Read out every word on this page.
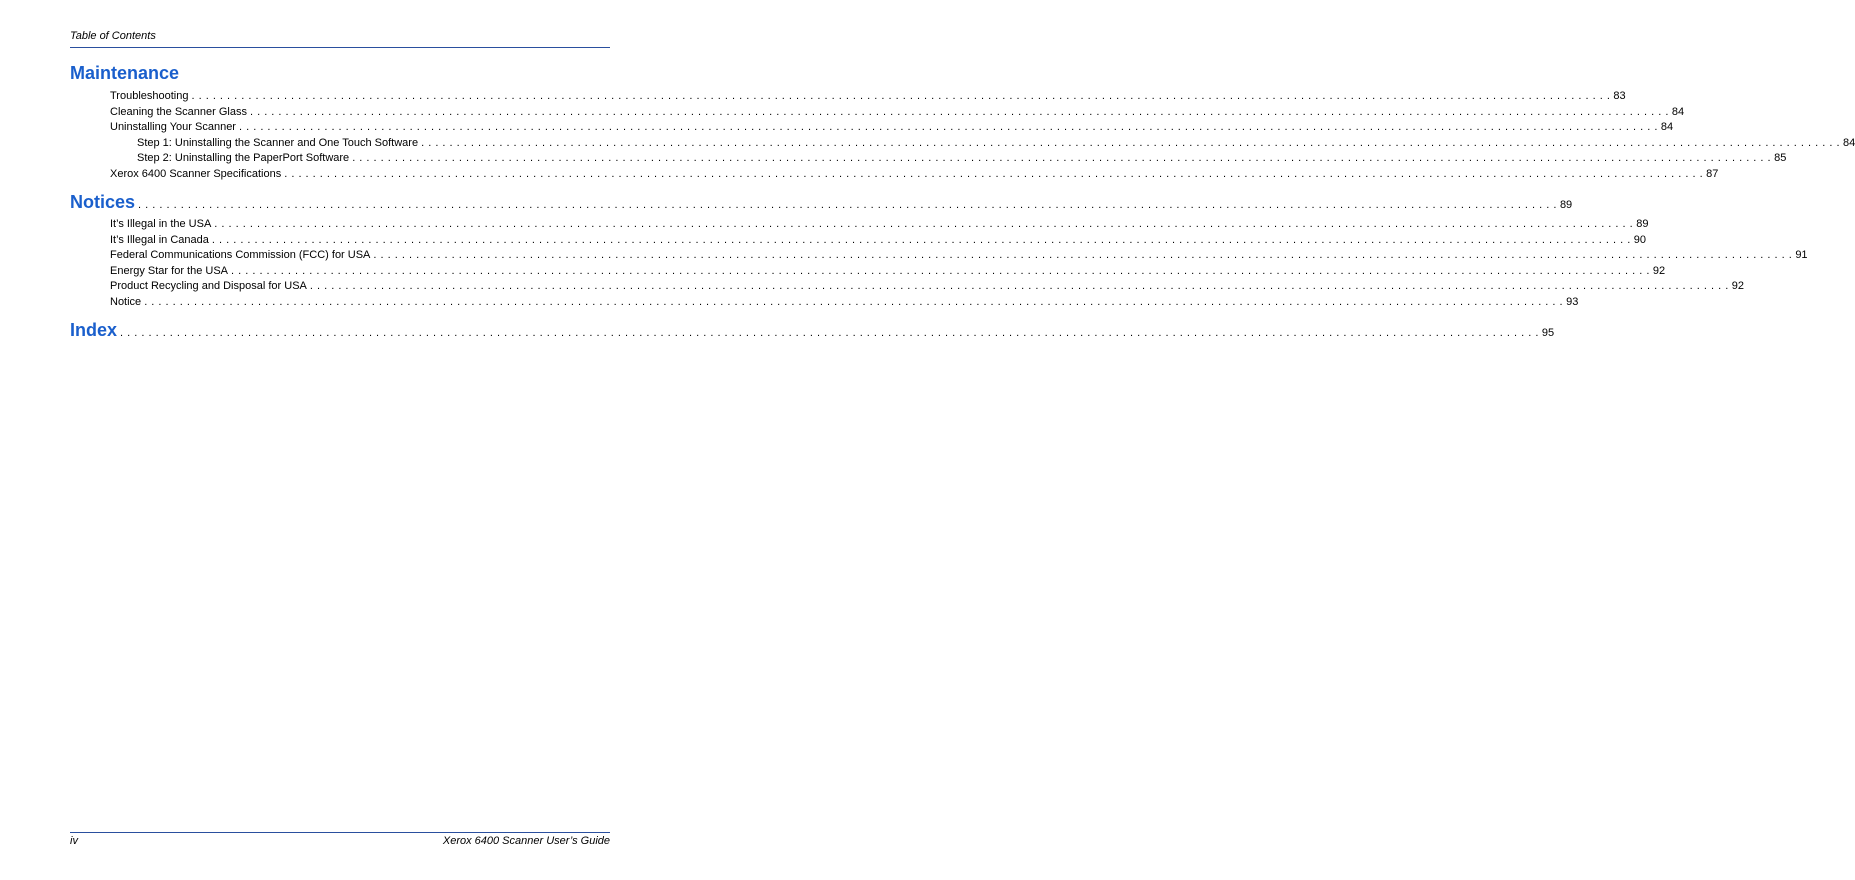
Table of Contents
Maintenance
Troubleshooting . . . . . . . . . . . . . . . . . . . . . . . . . . . . . . . . . . . . . . . . . . . . . . . . . . . . . . . . . . . . . . . . . . . . . . . . . . . . . . . . . . . . . . . . . . . . . . . . . . . . . . . . . . . . . . . . . . . . . . . . . . . . . . . . . . . . . . . . . . . . . . . . . . . . . . . . . . . . . . . . . . . . . . . . . . . . . . . . . . . . . . . . . . . . . . . . . . . . . . . . 83
Cleaning the Scanner Glass . . . . . . . . . . . . . . . . . . . . . . . . . . . . . . . . . . . . . . . . . . . . . . . . . . . . . . . . . . . . . . . . . . . . . . . . . . . . . . . . . . . . . . . . . . . . . . . . . . . . . . . . . . . . . . . . . . . . . . . . . . . . . . . . . . . . . . . . . . . . . . . . . . . . . . . . . . . . . . . . . . . . . . . . . . . . . . . . . . . . . . . . . . . . . . . . . . . . . . . . 84
Uninstalling Your Scanner . . . . . . . . . . . . . . . . . . . . . . . . . . . . . . . . . . . . . . . . . . . . . . . . . . . . . . . . . . . . . . . . . . . . . . . . . . . . . . . . . . . . . . . . . . . . . . . . . . . . . . . . . . . . . . . . . . . . . . . . . . . . . . . . . . . . . . . . . . . . . . . . . . . . . . . . . . . . . . . . . . . . . . . . . . . . . . . . . . . . . . . . . . . . . . . . . . . . . . . . 84
Step 1: Uninstalling the Scanner and One Touch Software . . . . . . . . . . . . . . . . . . . . . . . . . . . . . . . . . . . . . . . . . . . . . . . . . . . . . . . . . . . . . . . . . . . . . . . . . . . . . . . . . . . . . . . . . . . . . . . . . . . . . . . . . . . . . . . . . . . . . . . . . . . . . . . . . . . . . . . . . . . . . . . . . . . . . . . . . . . . . . . . . . . . . . . . . . . . . . . . . . . . . . . . . . . . . . . . . . . . . . . . 84
Step 2: Uninstalling the PaperPort Software . . . . . . . . . . . . . . . . . . . . . . . . . . . . . . . . . . . . . . . . . . . . . . . . . . . . . . . . . . . . . . . . . . . . . . . . . . . . . . . . . . . . . . . . . . . . . . . . . . . . . . . . . . . . . . . . . . . . . . . . . . . . . . . . . . . . . . . . . . . . . . . . . . . . . . . . . . . . . . . . . . . . . . . . . . . . . . . . . . . . . . . . . . . . . . . . . . . . . . . . 85
Xerox 6400 Scanner Specifications . . . . . . . . . . . . . . . . . . . . . . . . . . . . . . . . . . . . . . . . . . . . . . . . . . . . . . . . . . . . . . . . . . . . . . . . . . . . . . . . . . . . . . . . . . . . . . . . . . . . . . . . . . . . . . . . . . . . . . . . . . . . . . . . . . . . . . . . . . . . . . . . . . . . . . . . . . . . . . . . . . . . . . . . . . . . . . . . . . . . . . . . . . . . . . . . . . . . . . . . 87
Notices . . . . . . . . . . . . . . . . . . . . . . . . . . . . . . . . . . . . . . . . . . . . . . . . . . . . . . . . . . . . . . . . . . . . . . . . . . . . . . . . . . . . . . . . . . . . . . . . . . . . . . . . . . . . . . . . . . . . . . . . . . . . . . . . . . . . . . . . . . . . . . . . . . . . . . . . . . . . . . . . . . . . . . . . . . . . . . . . . . . . . . . . . . . . . . . . . . . . . . . . 89
It’s Illegal in the USA . . . . . . . . . . . . . . . . . . . . . . . . . . . . . . . . . . . . . . . . . . . . . . . . . . . . . . . . . . . . . . . . . . . . . . . . . . . . . . . . . . . . . . . . . . . . . . . . . . . . . . . . . . . . . . . . . . . . . . . . . . . . . . . . . . . . . . . . . . . . . . . . . . . . . . . . . . . . . . . . . . . . . . . . . . . . . . . . . . . . . . . . . . . . . . . . . . . . . . . . 89
It’s Illegal in Canada . . . . . . . . . . . . . . . . . . . . . . . . . . . . . . . . . . . . . . . . . . . . . . . . . . . . . . . . . . . . . . . . . . . . . . . . . . . . . . . . . . . . . . . . . . . . . . . . . . . . . . . . . . . . . . . . . . . . . . . . . . . . . . . . . . . . . . . . . . . . . . . . . . . . . . . . . . . . . . . . . . . . . . . . . . . . . . . . . . . . . . . . . . . . . . . . . . . . . . . . 90
Federal Communications Commission (FCC) for USA . . . . . . . . . . . . . . . . . . . . . . . . . . . . . . . . . . . . . . . . . . . . . . . . . . . . . . . . . . . . . . . . . . . . . . . . . . . . . . . . . . . . . . . . . . . . . . . . . . . . . . . . . . . . . . . . . . . . . . . . . . . . . . . . . . . . . . . . . . . . . . . . . . . . . . . . . . . . . . . . . . . . . . . . . . . . . . . . . . . . . . . . . . . . . . . . . . . . . . . . 91
Energy Star for the USA . . . . . . . . . . . . . . . . . . . . . . . . . . . . . . . . . . . . . . . . . . . . . . . . . . . . . . . . . . . . . . . . . . . . . . . . . . . . . . . . . . . . . . . . . . . . . . . . . . . . . . . . . . . . . . . . . . . . . . . . . . . . . . . . . . . . . . . . . . . . . . . . . . . . . . . . . . . . . . . . . . . . . . . . . . . . . . . . . . . . . . . . . . . . . . . . . . . . . . . . 92
Product Recycling and Disposal for USA . . . . . . . . . . . . . . . . . . . . . . . . . . . . . . . . . . . . . . . . . . . . . . . . . . . . . . . . . . . . . . . . . . . . . . . . . . . . . . . . . . . . . . . . . . . . . . . . . . . . . . . . . . . . . . . . . . . . . . . . . . . . . . . . . . . . . . . . . . . . . . . . . . . . . . . . . . . . . . . . . . . . . . . . . . . . . . . . . . . . . . . . . . . . . . . . . . . . . . . . 92
Notice . . . . . . . . . . . . . . . . . . . . . . . . . . . . . . . . . . . . . . . . . . . . . . . . . . . . . . . . . . . . . . . . . . . . . . . . . . . . . . . . . . . . . . . . . . . . . . . . . . . . . . . . . . . . . . . . . . . . . . . . . . . . . . . . . . . . . . . . . . . . . . . . . . . . . . . . . . . . . . . . . . . . . . . . . . . . . . . . . . . . . . . . . . . . . . . . . . . . . . . . 93
Index . . . . . . . . . . . . . . . . . . . . . . . . . . . . . . . . . . . . . . . . . . . . . . . . . . . . . . . . . . . . . . . . . . . . . . . . . . . . . . . . . . . . . . . . . . . . . . . . . . . . . . . . . . . . . . . . . . . . . . . . . . . . . . . . . . . . . . . . . . . . . . . . . . . . . . . . . . . . . . . . . . . . . . . . . . . . . . . . . . . . . . . . . . . . . . . . . . . . . . . . 95
iv	Xerox 6400 Scanner User’s Guide
